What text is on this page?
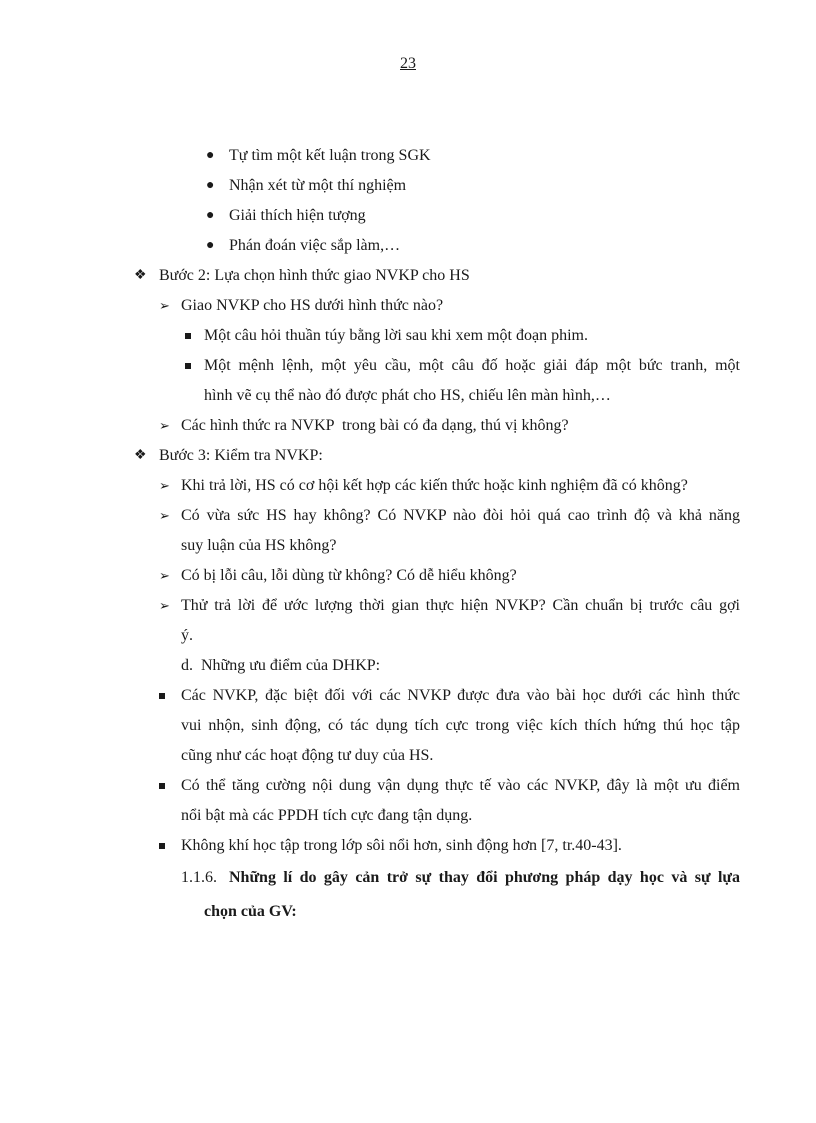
23
● Tự tìm một kết luận trong SGK
● Nhận xét từ một thí nghiệm
● Giải thích hiện tượng
● Phán đoán việc sắp làm,…
❖ Bước 2: Lựa chọn hình thức giao NVKP cho HS
➢ Giao NVKP cho HS dưới hình thức nào?
Một câu hỏi thuần túy bằng lời sau khi xem một đoạn phim.
Một mệnh lệnh, một yêu cầu, một câu đố hoặc giải đáp một bức tranh, một
hình vẽ cụ thể nào đó được phát cho HS, chiếu lên màn hình,…
➢ Các hình thức ra NVKP  trong bài có đa dạng, thú vị không?
❖ Bước 3: Kiểm tra NVKP:
➢ Khi trả lời, HS có cơ hội kết hợp các kiến thức hoặc kinh nghiệm đã có không?
➢ Có vừa sức HS hay không? Có NVKP nào đòi hỏi quá cao trình độ và khả năng
suy luận của HS không?
➢ Có bị lỗi câu, lỗi dùng từ không? Có dễ hiểu không?
➢ Thử trả lời để ước lượng thời gian thực hiện NVKP? Cần chuẩn bị trước câu gợi
ý.
d.  Những ưu điểm của DHKP:
Các NVKP, đặc biệt đối với các NVKP được đưa vào bài học dưới các hình thức
vui nhộn, sinh động, có tác dụng tích cực trong việc kích thích hứng thú học tập
cũng như các hoạt động tư duy của HS.
Có thể tăng cường nội dung vận dụng thực tế vào các NVKP, đây là một ưu điểm
nổi bật mà các PPDH tích cực đang tận dụng.
Không khí học tập trong lớp sôi nổi hơn, sinh động hơn [7, tr.40-43].
1.1.6. Những lí do gây cản trở sự thay đổi phương pháp dạy học và sự lựa
chọn của GV:
